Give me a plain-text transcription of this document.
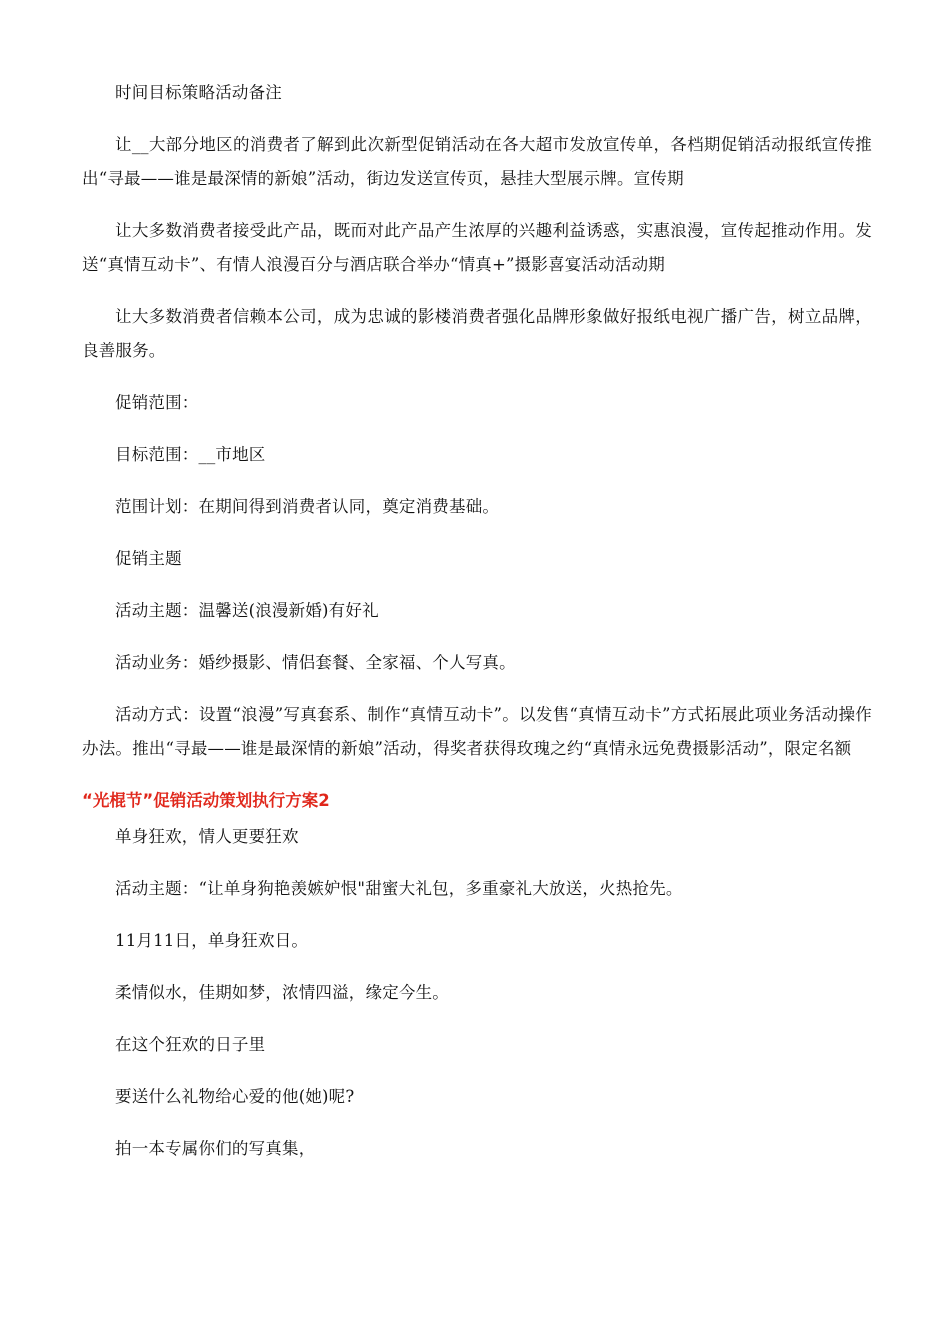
时间目标策略活动备注

让__大部分地区的消费者了解到此次新型促销活动在各大超市发放宣传单，各档期促销活动报纸宣传推出“寻最——谁是最深情的新娘”活动，街边发送宣传页，悬挂大型展示牌。宣传期

让大多数消费者接受此产品，既而对此产品产生浓厚的兴趣利益诱惑，实惠浪漫，宣传起推动作用。发送“真情互动卡”、有情人浪漫百分与酒店联合举办“情真+”摄影喜宴活动活动期

让大多数消费者信赖本公司，成为忠诚的影楼消费者强化品牌形象做好报纸电视广播广告，树立品牌，良善服务。

促销范围：

目标范围：__市地区

范围计划：在期间得到消费者认同，奠定消费基础。

促销主题

活动主题：温馨送(浪漫新婚)有好礼

活动业务：婚纱摄影、情侣套餐、全家福、个人写真。

活动方式：设置“浪漫”写真套系、制作“真情互动卡”。以发售“真情互动卡”方式拓展此项业务活动操作办法。推出“寻最——谁是最深情的新娘”活动，得奖者获得玫瑰之约“真情永远免费摄影活动”，限定名额

“光棍节”促销活动策划执行方案2

单身狂欢，情人更要狂欢

活动主题：“让单身狗艳羡嫉妒恨"甜蜜大礼包，多重豪礼大放送，火热抢先。

11月11日，单身狂欢日。

柔情似水，佳期如梦，浓情四溢，缘定今生。

在这个狂欢的日子里

要送什么礼物给心爱的他(她)呢?

拍一本专属你们的写真集，
